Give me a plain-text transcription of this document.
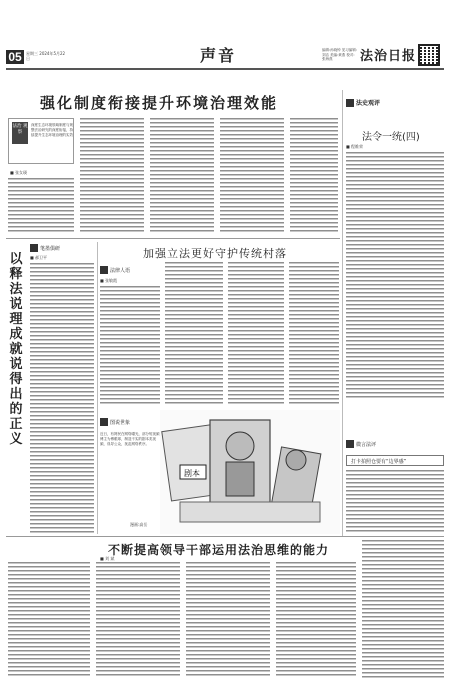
05	星期三 2024年5月22日	声音	编辑:孙晓钟 见习编辑:刘洁 美编:黄燕 校对:张海燕	法治日报
强化制度衔接提升环境治理效能
法治 观察
深度生态环境领域制度与规整法治研究的深度衔接，持续提升生态环境治理的实效
■ 张女瑛
笔墨俱研
以释法说理成就说得出的正义
■ 郝卫平	加强立法更好守护传统村落
法律人语
■ 张敏霞
图说世象
近日，有网民在网络曝光，部分短视频博主为博眼球，制造不实的剧本类视频，误导公众，扰乱网络秩序。
漫画:高岳
剧本
法史观评
法令一统(四)
■ 程维荣
微言法评
打卡拍照仓要有“边界感”
不断提高领导干部运用法治思维的能力
■ 刘 斌
